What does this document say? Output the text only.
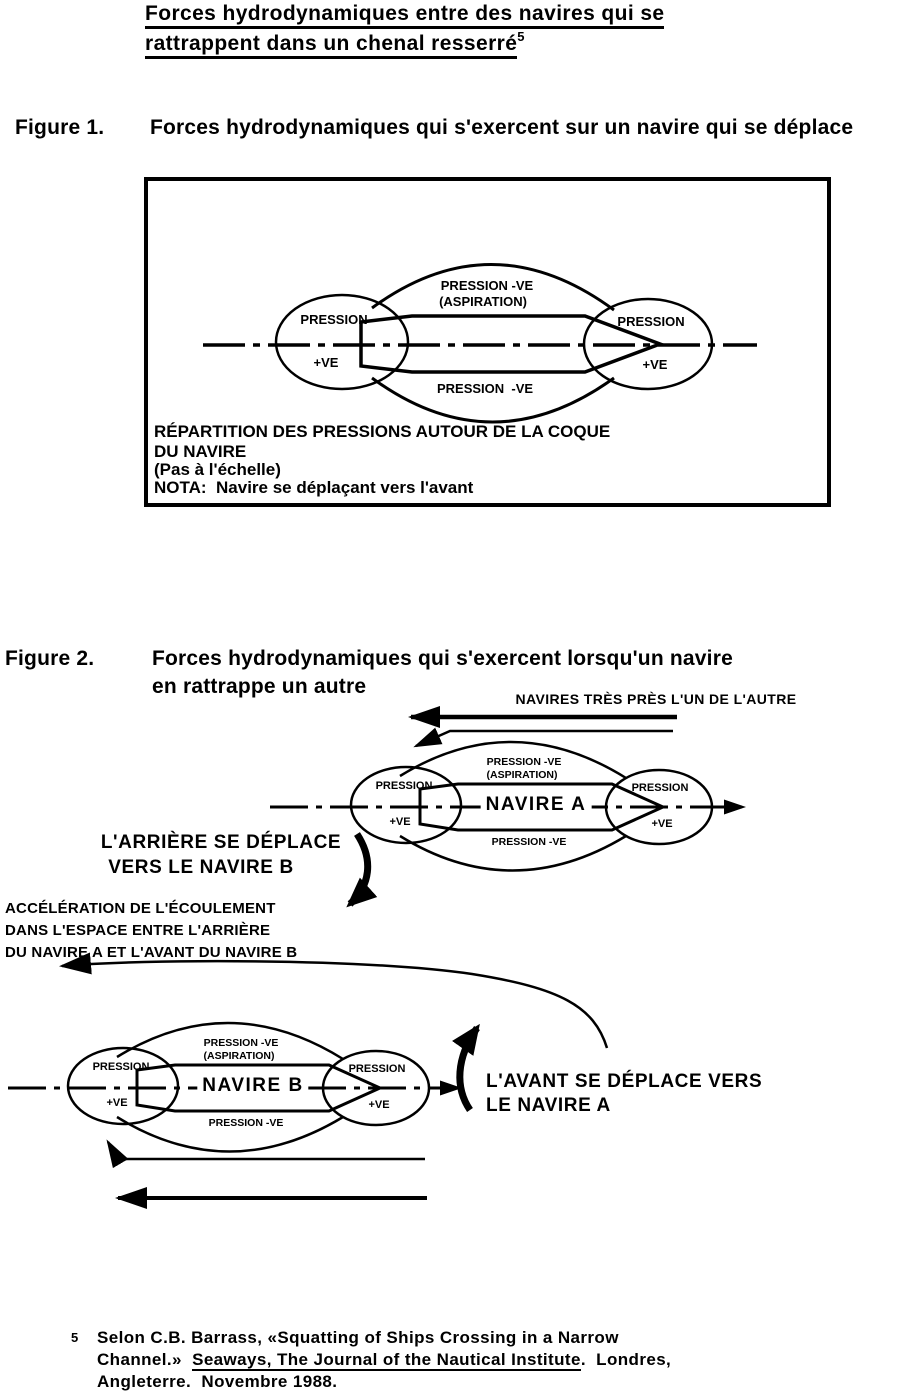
Forces hydrodynamiques entre des navires qui se
rattrappent dans un chenal resserré$^5$
Figure 1. Forces hydrodynamiques qui s'exercent sur un navire qui se déplace
PRESSION -VE
(ASPIRATION)
PRESSION
+VE
PRESSION
+VE
PRESSION  -VE
RÉPARTITION DES PRESSIONS AUTOUR DE LA COQUE
DU NAVIRE
(Pas à l'échelle)
NOTA:  Navire se déplaçant vers l'avant
Figure 2.	Forces hydrodynamiques qui s'exercent lorsqu'un navire
en rattrappe un autre
NAVIRES TRÈS PRÈS L'UN DE L'AUTRE
L'ARRIÈRE SE DÉPLACE
VERS LE NAVIRE B
ACCÉLÉRATION DE L'ÉCOULEMENT
DANS L'ESPACE ENTRE L'ARRIÈRE
DU NAVIRE A ET L'AVANT DU NAVIRE B
L'AVANT SE DÉPLACE VERS
LE NAVIRE A
PRESSION -VE
(ASPIRATION)
PRESSION
+VE
PRESSION
+VE
PRESSION -VE
NAVIRE A
PRESSION -VE
(ASPIRATION)
PRESSION
+VE
PRESSION
+VE
PRESSION -VE
NAVIRE B
5 Selon C.B. Barrass, «Squatting of Ships Crossing in a Narrow
Channel.»  Seaways, The Journal of the Nautical Institute.  Londres,
Angleterre.  Novembre 1988.
